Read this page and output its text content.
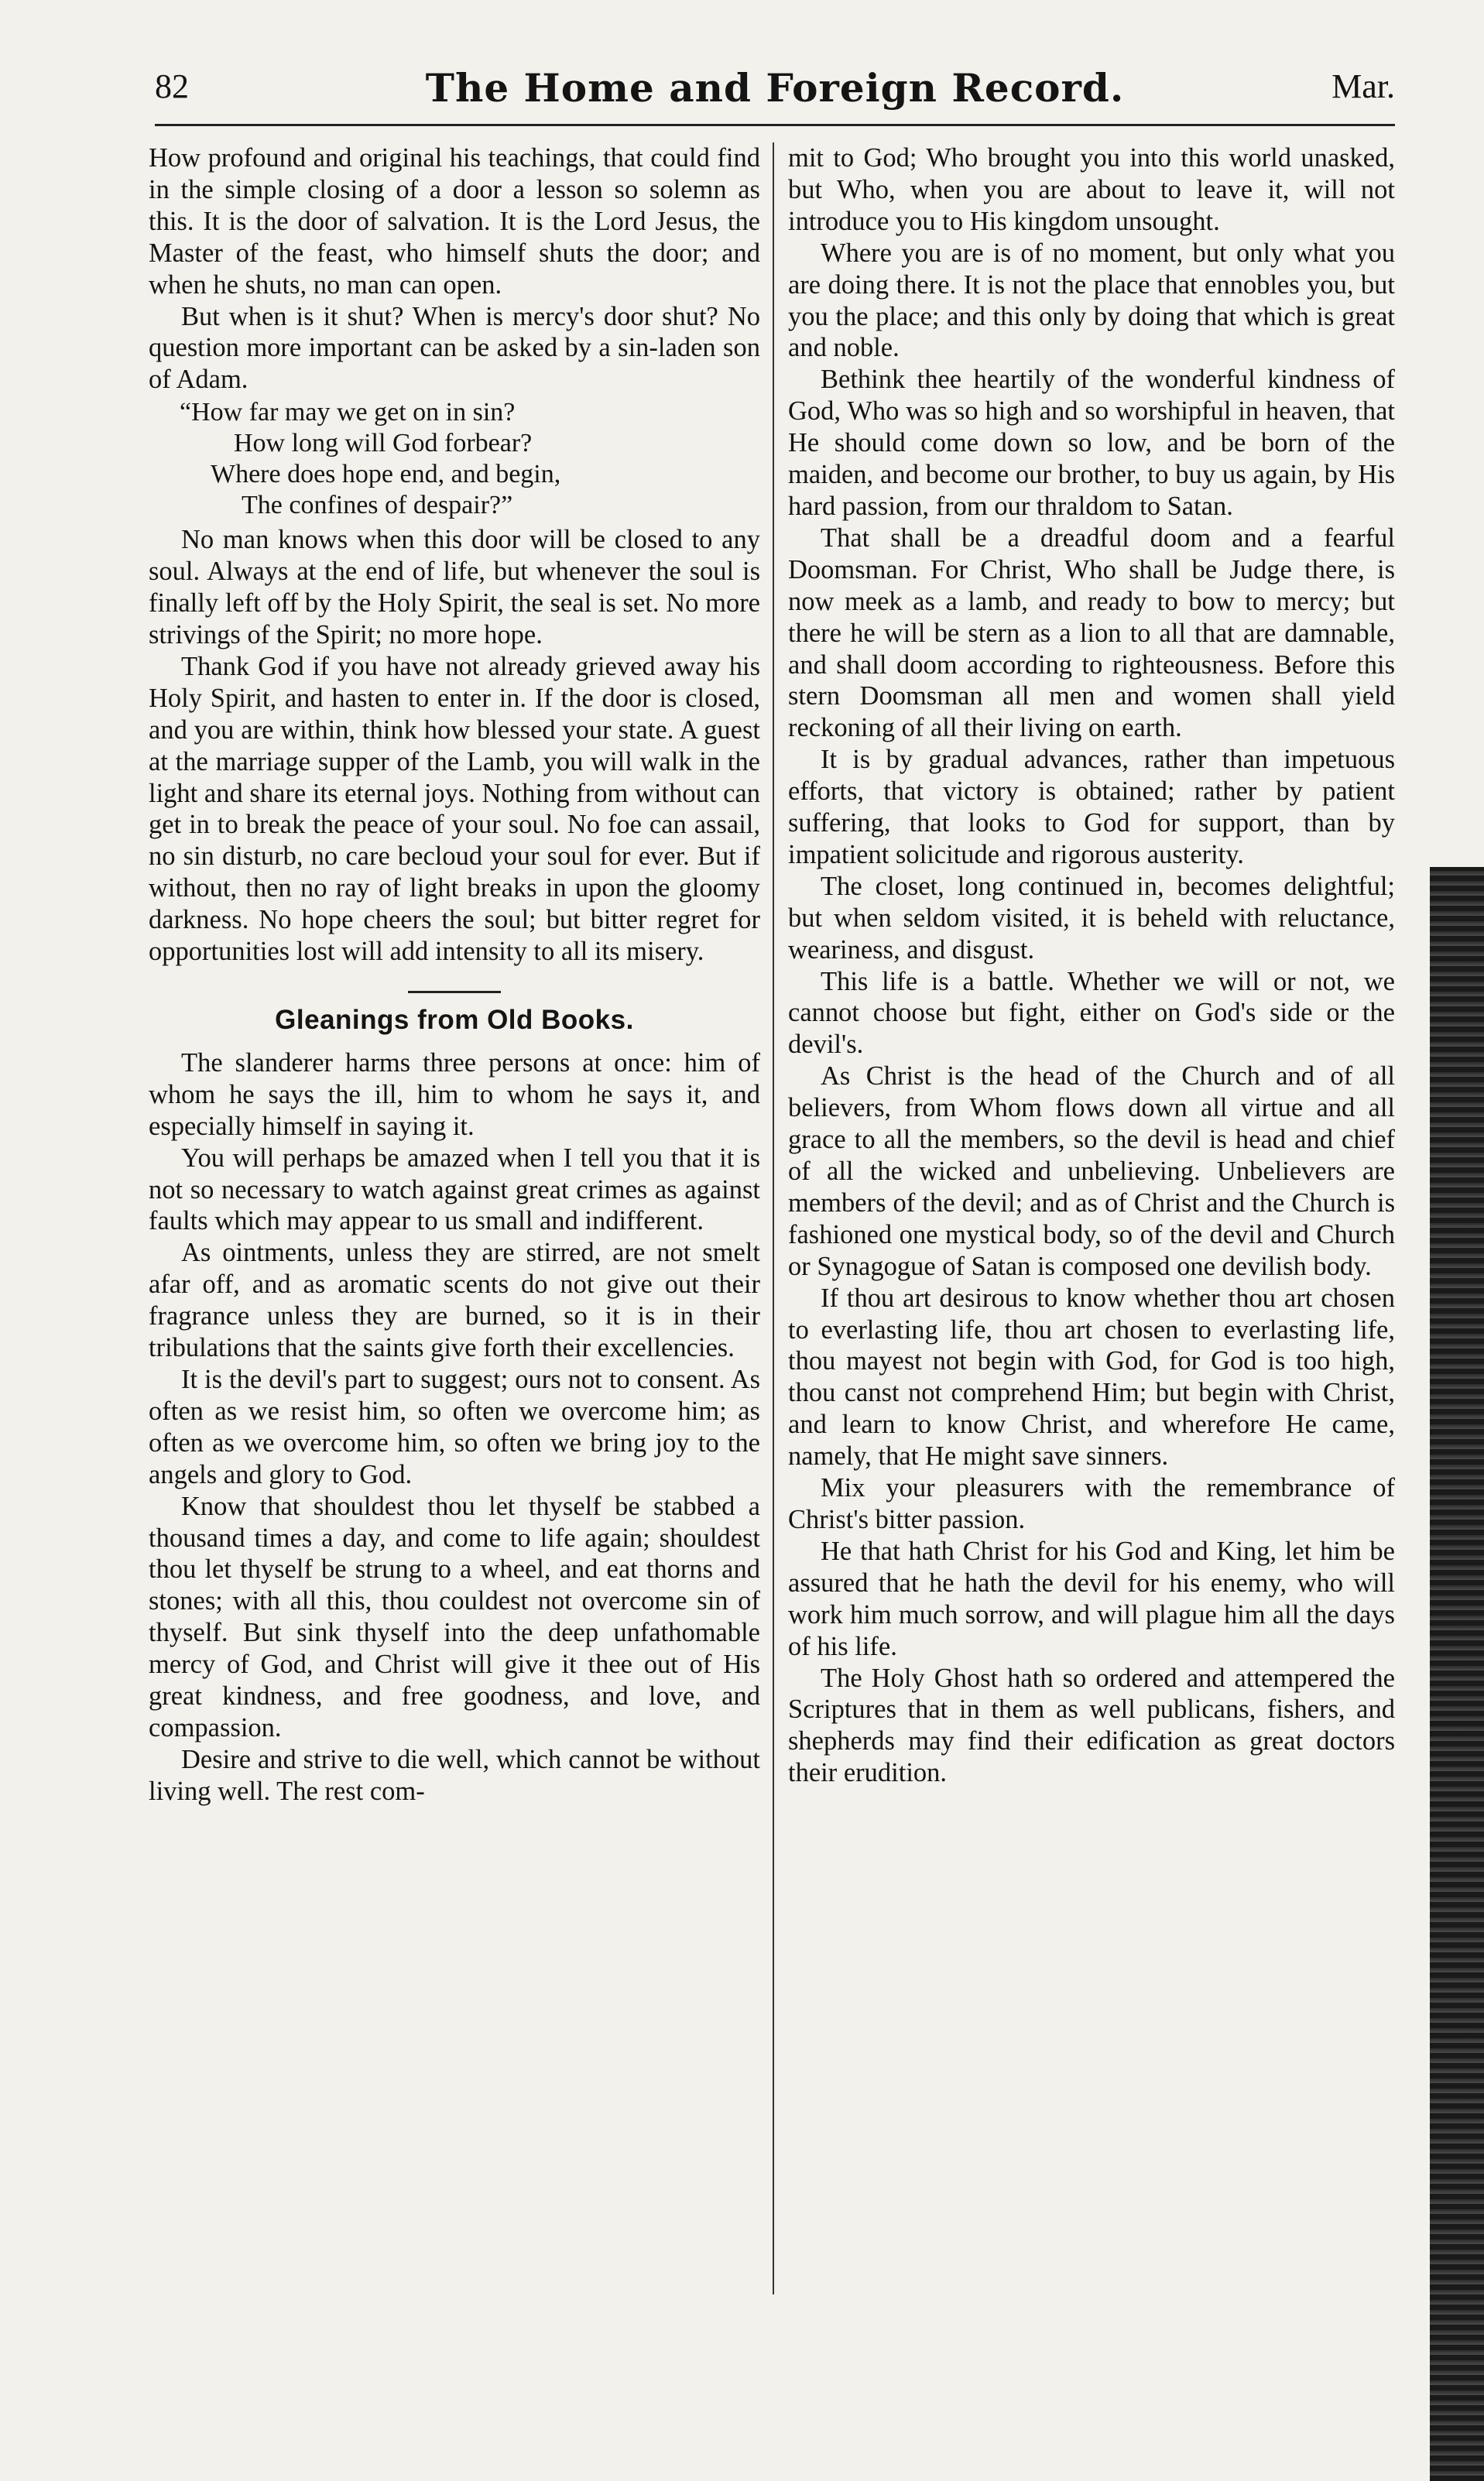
82	The Home and Foreign Record.	Mar.

How profound and original his teachings, that could find in the simple closing of a door a lesson so solemn as this. It is the door of salvation. It is the Lord Jesus, the Master of the feast, who himself shuts the door; and when he shuts, no man can open.

But when is it shut? When is mercy's door shut? No question more important can be asked by a sin-laden son of Adam.

“How far may we get on in sin?
How long will God forbear?
Where does hope end, and begin,
The confines of despair?”

No man knows when this door will be closed to any soul. Always at the end of life, but whenever the soul is finally left off by the Holy Spirit, the seal is set. No more strivings of the Spirit; no more hope.

Thank God if you have not already grieved away his Holy Spirit, and hasten to enter in. If the door is closed, and you are within, think how blessed your state. A guest at the marriage supper of the Lamb, you will walk in the light and share its eternal joys. Nothing from without can get in to break the peace of your soul. No foe can assail, no sin disturb, no care becloud your soul for ever. But if without, then no ray of light breaks in upon the gloomy darkness. No hope cheers the soul; but bitter regret for opportunities lost will add intensity to all its misery.

Gleanings from Old Books.

The slanderer harms three persons at once: him of whom he says the ill, him to whom he says it, and especially himself in saying it.

You will perhaps be amazed when I tell you that it is not so necessary to watch against great crimes as against faults which may appear to us small and indifferent.

As ointments, unless they are stirred, are not smelt afar off, and as aromatic scents do not give out their fragrance unless they are burned, so it is in their tribulations that the saints give forth their excellencies.

It is the devil's part to suggest; ours not to consent. As often as we resist him, so often we overcome him; as often as we overcome him, so often we bring joy to the angels and glory to God.

Know that shouldest thou let thyself be stabbed a thousand times a day, and come to life again; shouldest thou let thyself be strung to a wheel, and eat thorns and stones; with all this, thou couldest not overcome sin of thyself. But sink thyself into the deep unfathomable mercy of God, and Christ will give it thee out of His great kindness, and free goodness, and love, and compassion.

Desire and strive to die well, which cannot be without living well. The rest com-

mit to God; Who brought you into this world unasked, but Who, when you are about to leave it, will not introduce you to His kingdom unsought.

Where you are is of no moment, but only what you are doing there. It is not the place that ennobles you, but you the place; and this only by doing that which is great and noble.

Bethink thee heartily of the wonderful kindness of God, Who was so high and so worshipful in heaven, that He should come down so low, and be born of the maiden, and become our brother, to buy us again, by His hard passion, from our thraldom to Satan.

That shall be a dreadful doom and a fearful Doomsman. For Christ, Who shall be Judge there, is now meek as a lamb, and ready to bow to mercy; but there he will be stern as a lion to all that are damnable, and shall doom according to righteousness. Before this stern Doomsman all men and women shall yield reckoning of all their living on earth.

It is by gradual advances, rather than impetuous efforts, that victory is obtained; rather by patient suffering, that looks to God for support, than by impatient solicitude and rigorous austerity.

The closet, long continued in, becomes delightful; but when seldom visited, it is beheld with reluctance, weariness, and disgust.

This life is a battle. Whether we will or not, we cannot choose but fight, either on God's side or the devil's.

As Christ is the head of the Church and of all believers, from Whom flows down all virtue and all grace to all the members, so the devil is head and chief of all the wicked and unbelieving. Unbelievers are members of the devil; and as of Christ and the Church is fashioned one mystical body, so of the devil and Church or Synagogue of Satan is composed one devilish body.

If thou art desirous to know whether thou art chosen to everlasting life, thou art chosen to everlasting life, thou mayest not begin with God, for God is too high, thou canst not comprehend Him; but begin with Christ, and learn to know Christ, and wherefore He came, namely, that He might save sinners.

Mix your pleasurers with the remembrance of Christ's bitter passion.

He that hath Christ for his God and King, let him be assured that he hath the devil for his enemy, who will work him much sorrow, and will plague him all the days of his life.

The Holy Ghost hath so ordered and attempered the Scriptures that in them as well publicans, fishers, and shepherds may find their edification as great doctors their erudition.
